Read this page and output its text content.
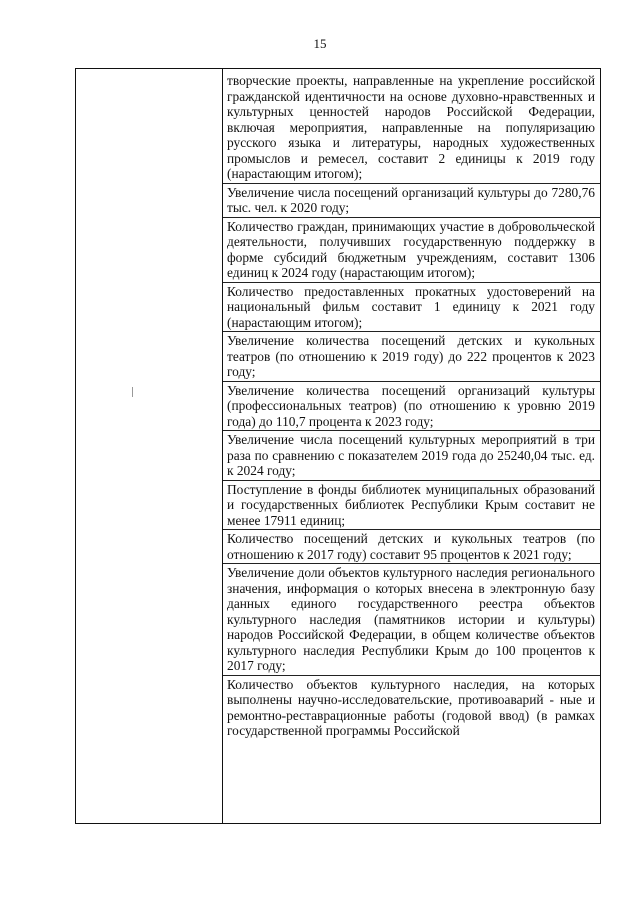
15
творческие проекты, направленные на укрепление российской гражданской идентичности на основе духовно-нравственных и культурных ценностей народов Российской Федерации, включая мероприятия, направленные на популяризацию русского языка и литературы, народных художественных промыслов и ремесел, составит 2 единицы к 2019 году (нарастающим итогом);
Увеличение числа посещений организаций культуры до 7280,76 тыс. чел. к 2020 году;
Количество граждан, принимающих участие в добровольческой деятельности, получивших государственную поддержку в форме субсидий бюджетным учреждениям, составит 1306 единиц к 2024 году (нарастающим итогом);
Количество предоставленных прокатных удостоверений на национальный фильм составит 1 единицу к 2021 году (нарастающим итогом);
Увеличение количества посещений детских и кукольных театров (по отношению к 2019 году) до 222 процентов к 2023 году;
Увеличение количества посещений организаций культуры (профессиональных театров) (по отношению к уровню 2019 года) до 110,7 процента к 2023 году;
Увеличение числа посещений культурных мероприятий в три раза по сравнению с показателем 2019 года до 25240,04 тыс. ед. к 2024 году;
Поступление в фонды библиотек муниципальных образований и государственных библиотек Республики Крым составит не менее 17911 единиц;
Количество посещений детских и кукольных театров (по отношению к 2017 году) составит 95 процентов к 2021 году;
Увеличение доли объектов культурного наследия регионального значения, информация о которых внесена в электронную базу данных единого государственного реестра объектов культурного наследия (памятников истории и культуры) народов Российской Федерации, в общем количестве объектов культурного наследия Республики Крым до 100 процентов к 2017 году;
Количество объектов культурного наследия, на которых выполнены научно-исследовательские, противоаварий - ные и ремонтно-реставрационные работы (годовой ввод) (в рамках государственной программы Российской
